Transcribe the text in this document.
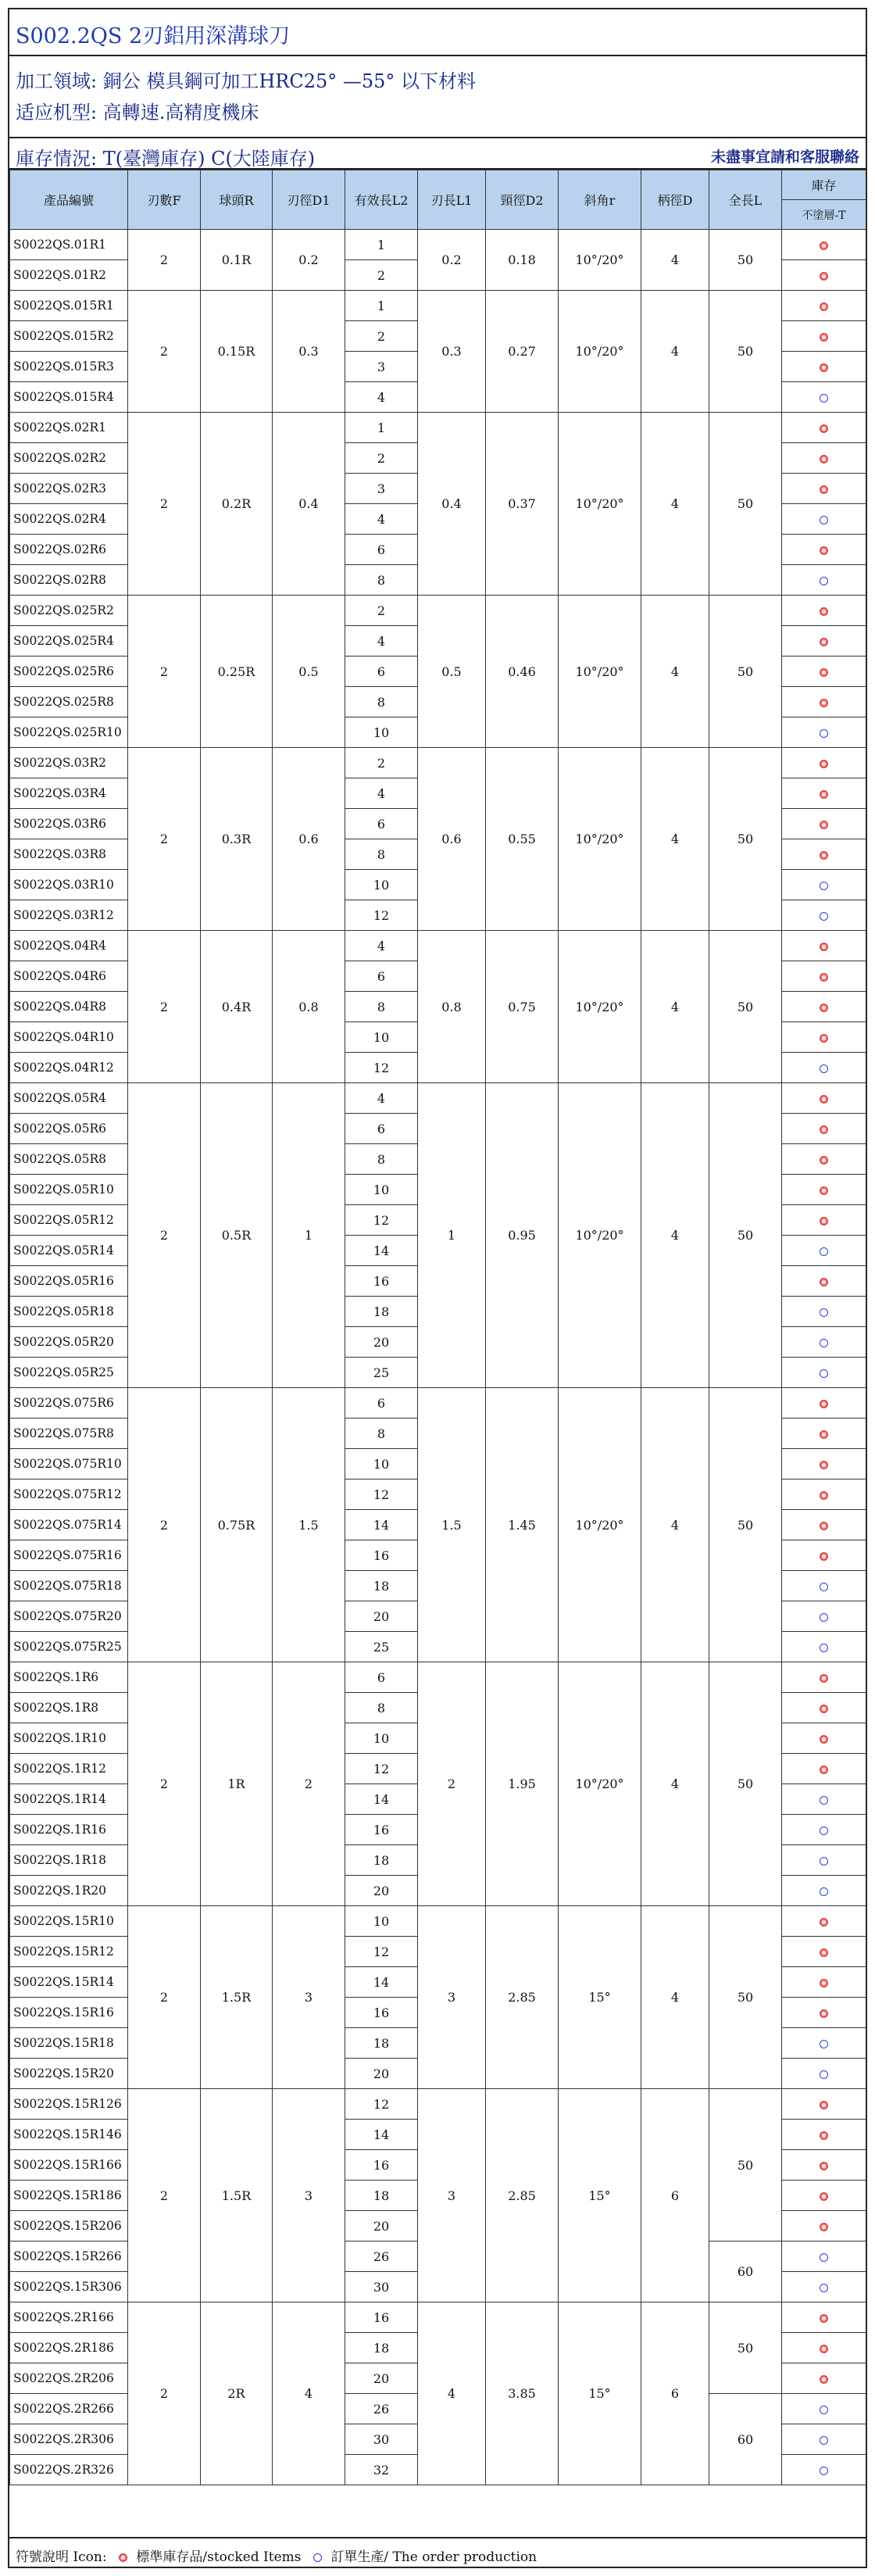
S002.2QS 2刃鋁用深溝球刀
加工領域: 銅公 模具鋼可加工HRC25° —55° 以下材料
适应机型: 高轉速.高精度機床
庫存情況: T(臺灣庫存) C(大陸庫存)	未盡事宜請和客服聯絡
產品編號	刃數F	球頭R	刃徑D1	有效長L2	刃長L1	頸徑D2	斜角r	柄徑D	全長L	庫存
										不塗層-T
S0022QS.01R1	2	0.1R	0.2	1	0.2	0.18	10°/20°	4	50	
S0022QS.01R2				2						
S0022QS.015R1	2	0.15R	0.3	1	0.3	0.27	10°/20°	4	50	
S0022QS.015R2				2						
S0022QS.015R3				3						
S0022QS.015R4				4						
S0022QS.02R1	2	0.2R	0.4	1	0.4	0.37	10°/20°	4	50	
S0022QS.02R2				2						
S0022QS.02R3				3						
S0022QS.02R4				4						
S0022QS.02R6				6						
S0022QS.02R8				8						
S0022QS.025R2	2	0.25R	0.5	2	0.5	0.46	10°/20°	4	50	
S0022QS.025R4				4						
S0022QS.025R6				6						
S0022QS.025R8				8						
S0022QS.025R10				10						
S0022QS.03R2	2	0.3R	0.6	2	0.6	0.55	10°/20°	4	50	
S0022QS.03R4				4						
S0022QS.03R6				6						
S0022QS.03R8				8						
S0022QS.03R10				10						
S0022QS.03R12				12						
S0022QS.04R4	2	0.4R	0.8	4	0.8	0.75	10°/20°	4	50	
S0022QS.04R6				6						
S0022QS.04R8				8						
S0022QS.04R10				10						
S0022QS.04R12				12						
S0022QS.05R4	2	0.5R	1	4	1	0.95	10°/20°	4	50	
S0022QS.05R6				6						
S0022QS.05R8				8						
S0022QS.05R10				10						
S0022QS.05R12				12						
S0022QS.05R14				14						
S0022QS.05R16				16						
S0022QS.05R18				18						
S0022QS.05R20				20						
S0022QS.05R25				25						
S0022QS.075R6	2	0.75R	1.5	6	1.5	1.45	10°/20°	4	50	
S0022QS.075R8				8						
S0022QS.075R10				10						
S0022QS.075R12				12						
S0022QS.075R14				14						
S0022QS.075R16				16						
S0022QS.075R18				18						
S0022QS.075R20				20						
S0022QS.075R25				25						
S0022QS.1R6	2	1R	2	6	2	1.95	10°/20°	4	50	
S0022QS.1R8				8						
S0022QS.1R10				10						
S0022QS.1R12				12						
S0022QS.1R14				14						
S0022QS.1R16				16						
S0022QS.1R18				18						
S0022QS.1R20				20						
S0022QS.15R10	2	1.5R	3	10	3	2.85	15°	4	50	
S0022QS.15R12				12						
S0022QS.15R14				14						
S0022QS.15R16				16						
S0022QS.15R18				18						
S0022QS.15R20				20						
S0022QS.15R126	2	1.5R	3	12	3	2.85	15°	6	50	
S0022QS.15R146				14						
S0022QS.15R166				16						
S0022QS.15R186				18						
S0022QS.15R206				20						
S0022QS.15R266				26					60	
S0022QS.15R306				30						
S0022QS.2R166	2	2R	4	16	4	3.85	15°	6	50	
S0022QS.2R186				18						
S0022QS.2R206				20						
S0022QS.2R266				26					60	
S0022QS.2R306				30						
S0022QS.2R326				32						
符號說明 Icon: 標準庫存品/stocked Items 訂單生產/ The order production
